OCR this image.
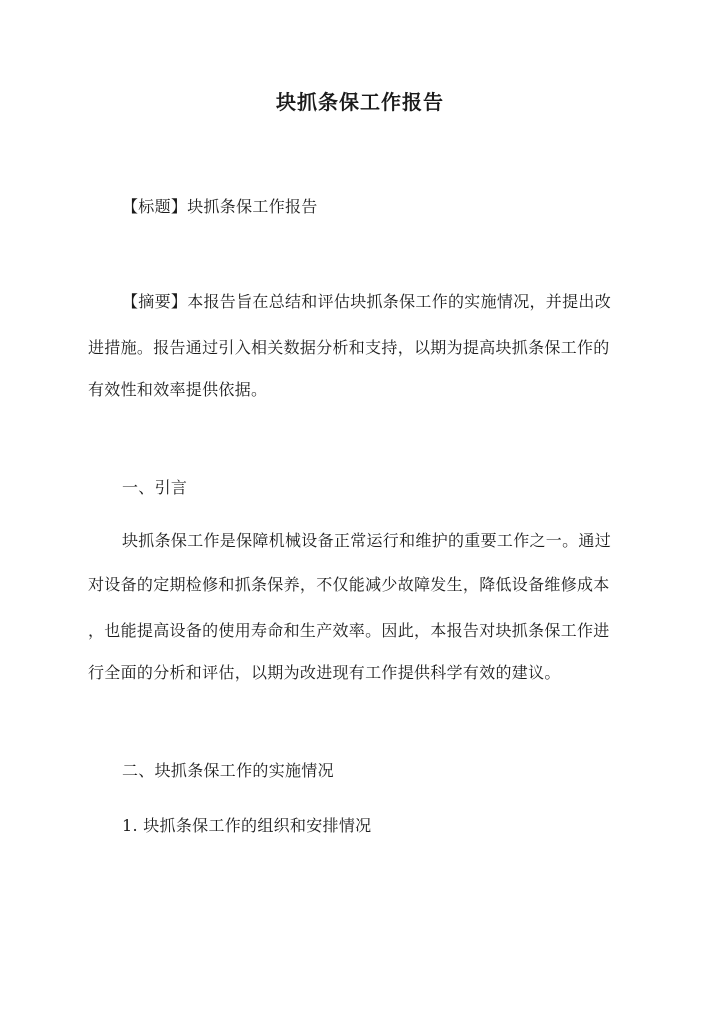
块抓条保工作报告
【标题】块抓条保工作报告
【摘要】本报告旨在总结和评估块抓条保工作的实施情况，并提出改
进措施。报告通过引入相关数据分析和支持，以期为提高块抓条保工作的
有效性和效率提供依据。
一、引言
块抓条保工作是保障机械设备正常运行和维护的重要工作之一。通过
对设备的定期检修和抓条保养，不仅能减少故障发生，降低设备维修成本
，也能提高设备的使用寿命和生产效率。因此，本报告对块抓条保工作进
行全面的分析和评估，以期为改进现有工作提供科学有效的建议。
二、块抓条保工作的实施情况
1. 块抓条保工作的组织和安排情况
